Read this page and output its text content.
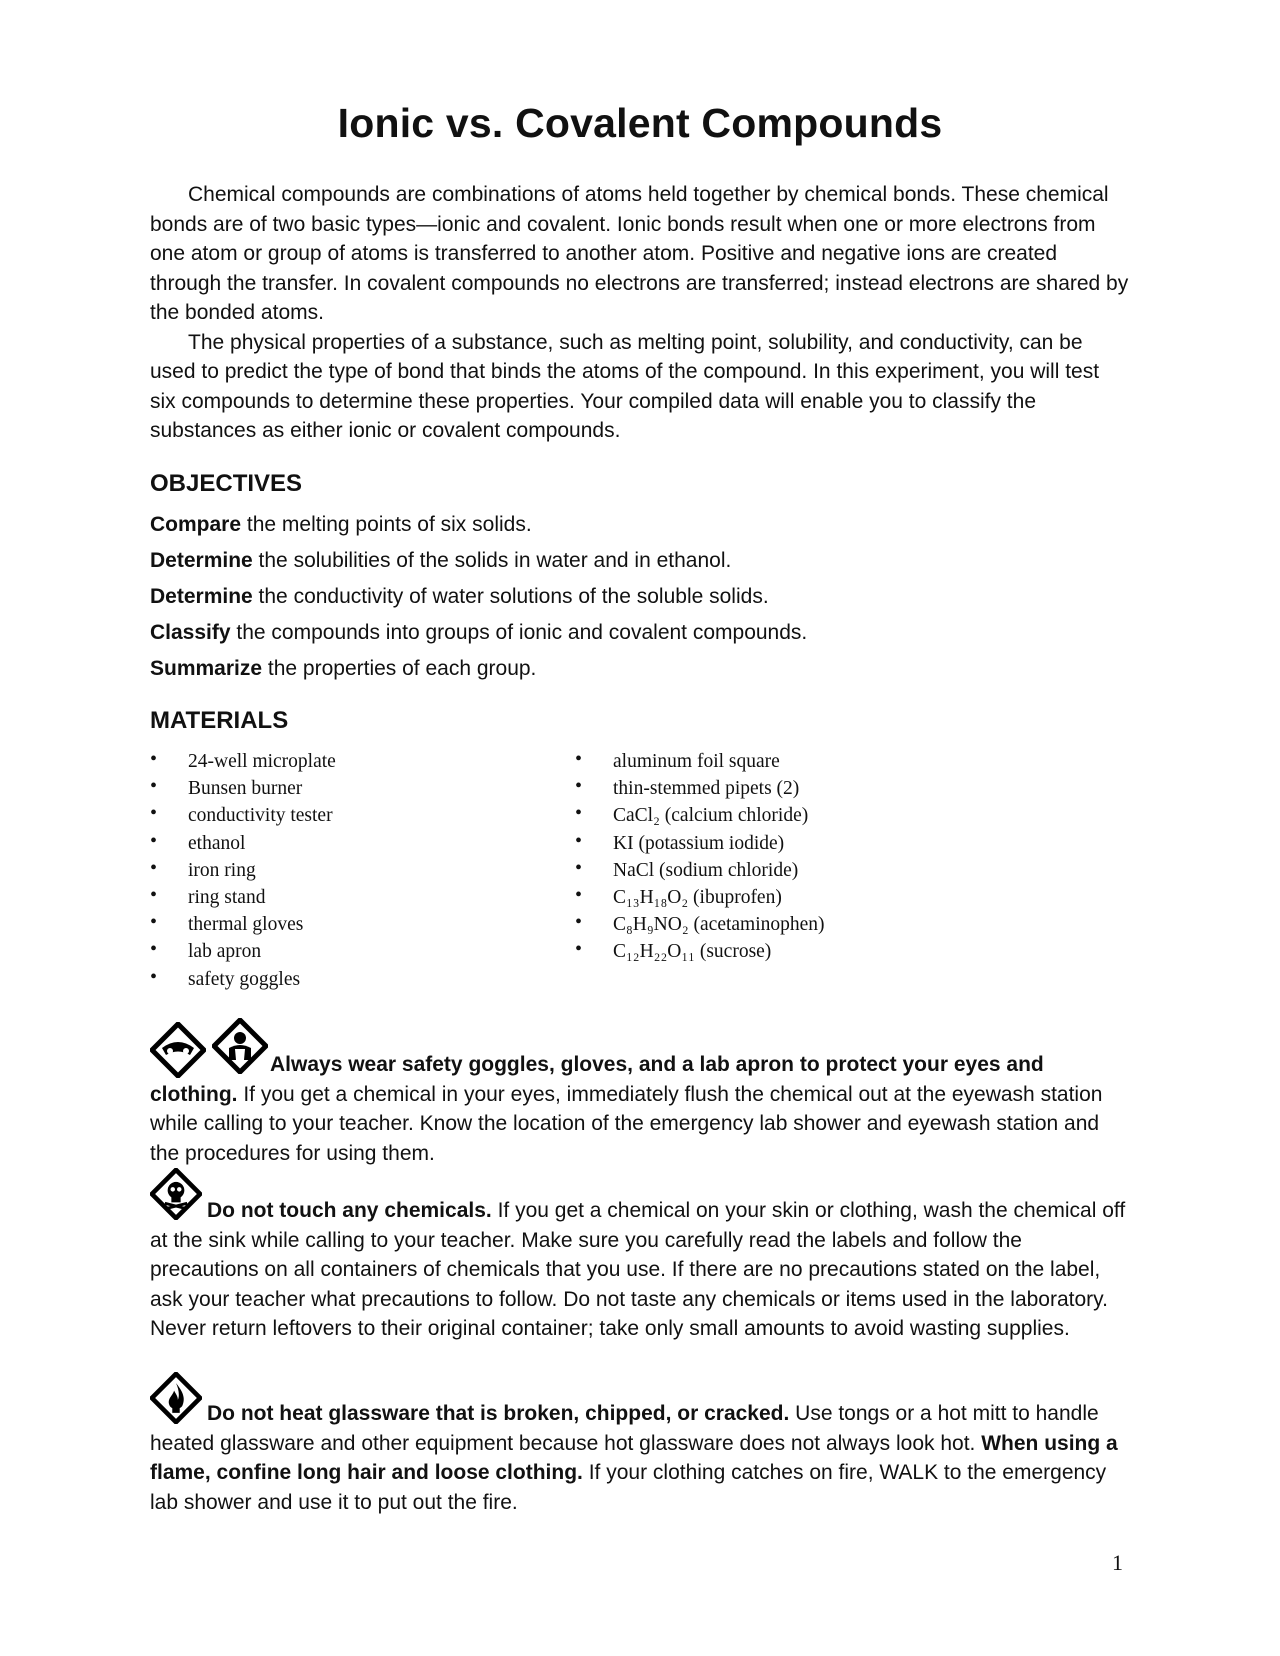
Ionic vs. Covalent Compounds

Chemical compounds are combinations of atoms held together by chemical bonds. These chemical bonds are of two basic types—ionic and covalent. Ionic bonds result when one or more electrons from one atom or group of atoms is transferred to another atom. Positive and negative ions are created through the transfer. In covalent compounds no electrons are transferred; instead electrons are shared by the bonded atoms.

The physical properties of a substance, such as melting point, solubility, and conductivity, can be used to predict the type of bond that binds the atoms of the compound. In this experiment, you will test six compounds to determine these properties. Your compiled data will enable you to classify the substances as either ionic or covalent compounds.

OBJECTIVES
Compare the melting points of six solids.
Determine the solubilities of the solids in water and in ethanol.
Determine the conductivity of water solutions of the soluble solids.
Classify the compounds into groups of ionic and covalent compounds.
Summarize the properties of each group.
MATERIALS
• 24-well microplate
• Bunsen burner
• conductivity tester
• ethanol
• iron ring
• ring stand
• thermal gloves
• lab apron
• safety goggles
• aluminum foil square
• thin-stemmed pipets (2)
• CaCl₂ (calcium chloride)
• KI (potassium iodide)
• NaCl (sodium chloride)
• C₁₃H₁₈O₂ (ibuprofen)
• C₈H₉NO₂ (acetaminophen)
• C₁₂H₂₂O₁₁ (sucrose)

Always wear safety goggles, gloves, and a lab apron to protect your eyes and clothing. If you get a chemical in your eyes, immediately flush the chemical out at the eyewash station while calling to your teacher. Know the location of the emergency lab shower and eyewash station and the procedures for using them.

Do not touch any chemicals. If you get a chemical on your skin or clothing, wash the chemical off at the sink while calling to your teacher. Make sure you carefully read the labels and follow the precautions on all containers of chemicals that you use. If there are no precautions stated on the label, ask your teacher what precautions to follow. Do not taste any chemicals or items used in the laboratory. Never return leftovers to their original container; take only small amounts to avoid wasting supplies.

Do not heat glassware that is broken, chipped, or cracked. Use tongs or a hot mitt to handle heated glassware and other equipment because hot glassware does not always look hot. When using a flame, confine long hair and loose clothing. If your clothing catches on fire, WALK to the emergency lab shower and use it to put out the fire.

1
